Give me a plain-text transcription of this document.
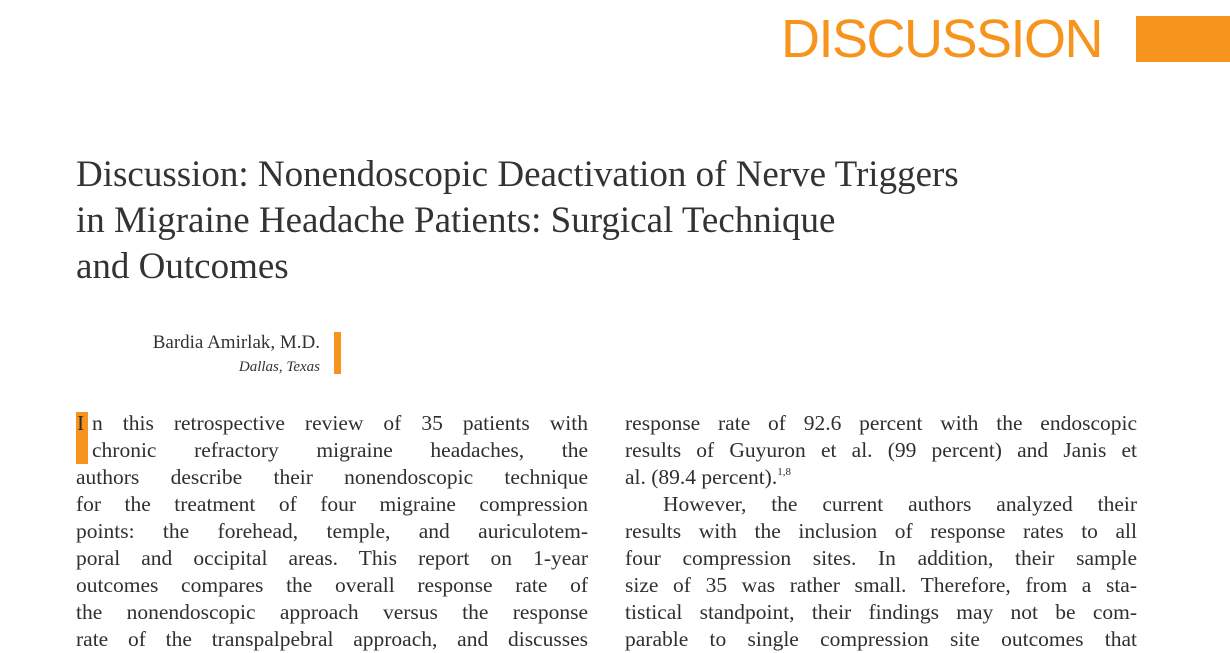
DISCUSSION
Discussion: Nonendoscopic Deactivation of Nerve Triggers
in Migraine Headache Patients: Surgical Technique
and Outcomes
Bardia Amirlak, M.D.
Dallas, Texas
I n this retrospective review of 35 patients with
chronic refractory migraine headaches, the
authors describe their nonendoscopic technique
for the treatment of four migraine compression
points: the forehead, temple, and auriculotem-
poral and occipital areas. This report on 1-year
outcomes compares the overall response rate of
the nonendoscopic approach versus the response
rate of the transpalpebral approach, and discusses
response rate of 92.6 percent with the endoscopic
results of Guyuron et al. (99 percent) and Janis et
al. (89.4 percent).$^{1,8}$
However, the current authors analyzed their
results with the inclusion of response rates to all
four compression sites. In addition, their sample
size of 35 was rather small. Therefore, from a sta-
tistical standpoint, their findings may not be com-
parable to single compression site outcomes that
